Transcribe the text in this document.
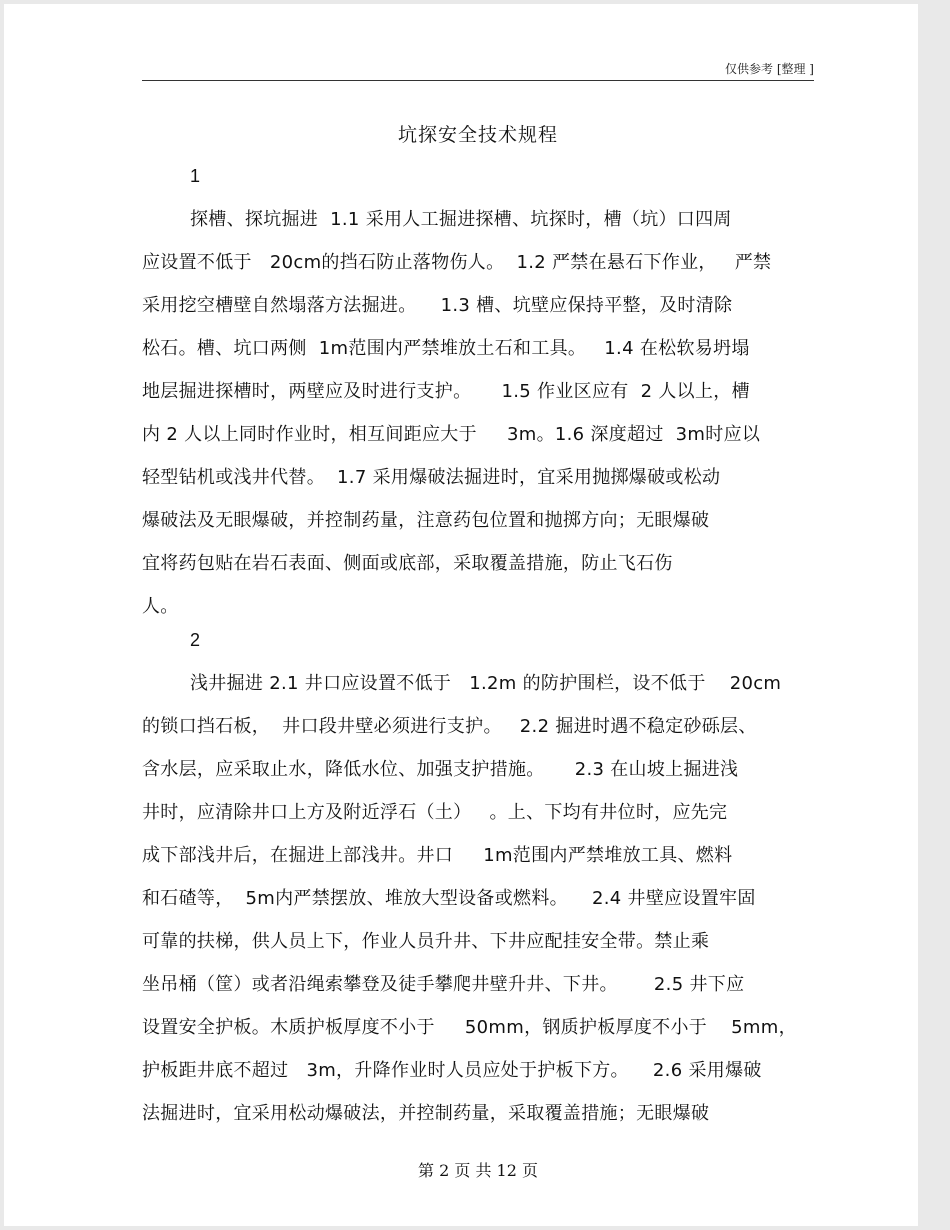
仅供参考 [整理 ]
坑探安全技术规程
1
探槽、探坑掘进  1.1 采用人工掘进探槽、坑探时，槽（坑）口四周
应设置不低于   20cm的挡石防止落物伤人。  1.2 严禁在悬石下作业，   严禁
采用挖空槽壁自然塌落方法掘进。    1.3 槽、坑壁应保持平整，及时清除
松石。槽、坑口两侧  1m范围内严禁堆放土石和工具。   1.4 在松软易坍塌
地层掘进探槽时，两壁应及时进行支护。     1.5 作业区应有  2 人以上，槽
内 2 人以上同时作业时，相互间距应大于     3m。1.6 深度超过  3m时应以
轻型钻机或浅井代替。  1.7 采用爆破法掘进时，宜采用抛掷爆破或松动
爆破法及无眼爆破，并控制药量，注意药包位置和抛掷方向；无眼爆破
宜将药包贴在岩石表面、侧面或底部，采取覆盖措施，防止飞石伤
人。
2
浅井掘进 2.1 井口应设置不低于   1.2m 的防护围栏，设不低于    20cm
的锁口挡石板，  井口段井壁必须进行支护。   2.2 掘进时遇不稳定砂砾层、
含水层，应采取止水，降低水位、加强支护措施。     2.3 在山坡上掘进浅
井时，应清除井口上方及附近浮石（土）   。上、下均有井位时，应先完
成下部浅井后，在掘进上部浅井。井口     1m范围内严禁堆放工具、燃料
和石碴等，  5m内严禁摆放、堆放大型设备或燃料。    2.4 井壁应设置牢固
可靠的扶梯，供人员上下，作业人员升井、下井应配挂安全带。禁止乘
坐吊桶（筐）或者沿绳索攀登及徒手攀爬井壁升井、下井。      2.5 井下应
设置安全护板。木质护板厚度不小于     50mm，钢质护板厚度不小于    5mm，
护板距井底不超过   3m，升降作业时人员应处于护板下方。    2.6 采用爆破
法掘进时，宜采用松动爆破法，并控制药量，采取覆盖措施；无眼爆破
第 2 页 共 12 页
